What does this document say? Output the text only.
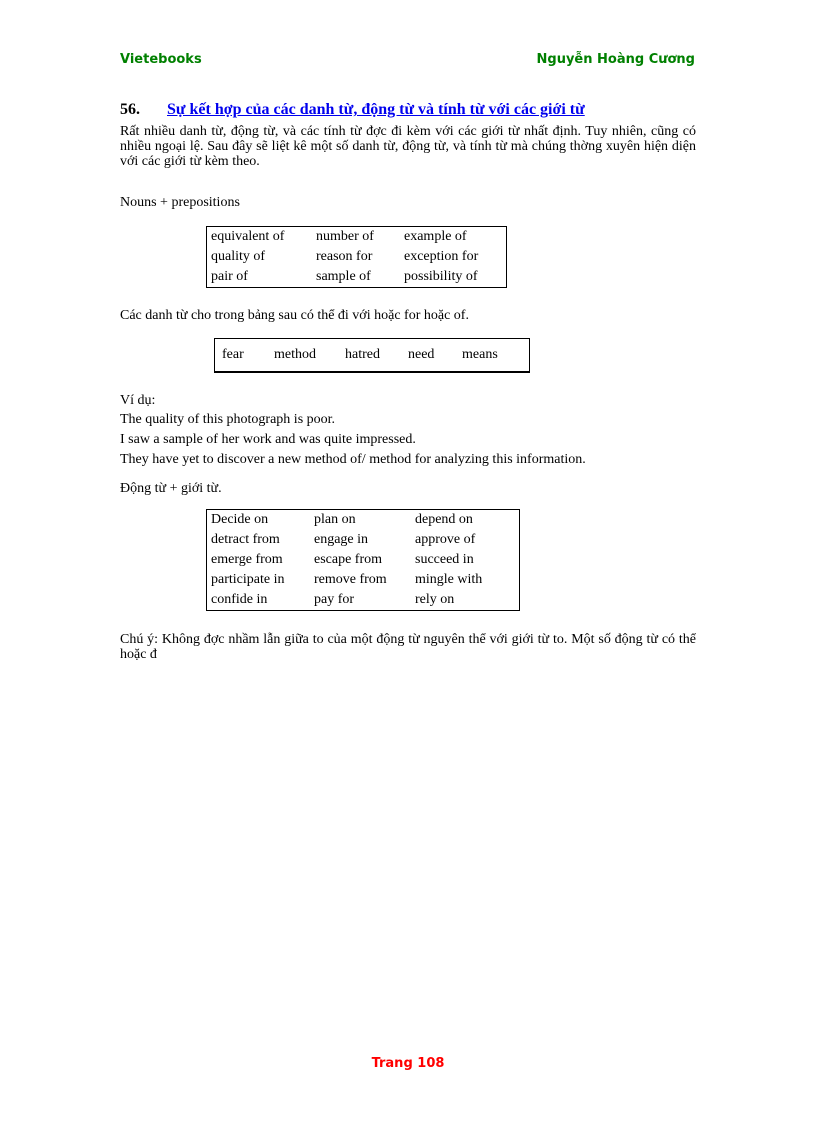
Vietebooks	Nguyễn Hoàng Cương
56. Sự kết hợp của các danh từ, động từ và tính từ với các giới từ
Rất nhiều danh từ, động từ, và các tính từ đợc đi kèm với các giới từ nhất định. Tuy nhiên, cũng có nhiều ngoại lệ. Sau đây sẽ liệt kê một số danh từ, động từ, và tính từ mà chúng thờng xuyên hiện diện với các giới từ kèm theo.
Nouns + prepositions
equivalent of	number of	example of
quality of	reason for	exception for
pair of	sample of	possibility of
Các danh từ cho trong bảng sau có thể đi với hoặc for hoặc of.
fear	method	hatred	need	means
Ví dụ:
The quality of this photograph is poor.
I saw a sample of her work and was quite impressed.
They have yet to discover a new method of/ method for analyzing this information.
Động từ + giới từ.
Decide on	plan on	depend on
detract from	engage in	approve of
emerge from	escape from	succeed in
participate in	remove from	mingle with
confide in	pay for	rely on
Chú ý: Không đợc nhầm lẫn giữa to của một động từ nguyên thể với giới từ to. Một số động từ có thể hoặc đ
Trang 108
